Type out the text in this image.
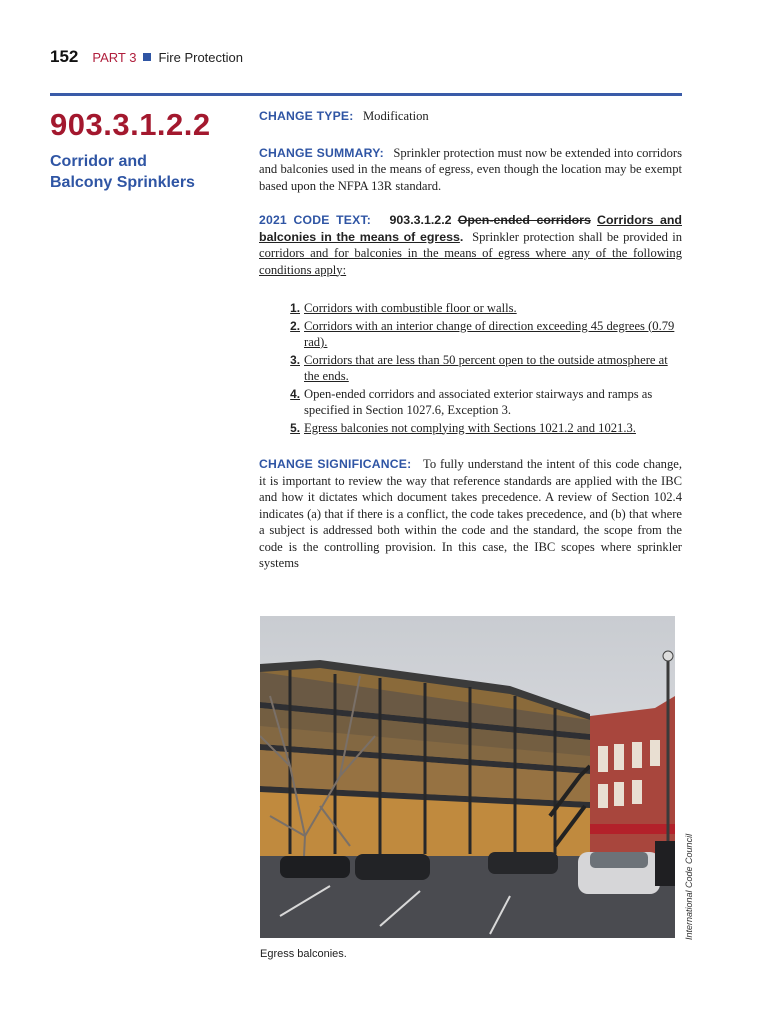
152 PART 3 Fire Protection
903.3.1.2.2
Corridor and
Balcony Sprinklers

CHANGE TYPE: Modification

CHANGE SUMMARY: Sprinkler protection must now be extended into corridors and balconies used in the means of egress, even though the location may be exempt based upon the NFPA 13R standard.

2021 CODE TEXT: 903.3.1.2.2 Open-ended corridors Corridors and balconies in the means of egress. Sprinkler protection shall be provided in corridors and for balconies in the means of egress where any of the following conditions apply:

1. Corridors with combustible floor or walls.
2. Corridors with an interior change of direction exceeding 45 degrees (0.79 rad).
3. Corridors that are less than 50 percent open to the outside atmosphere at the ends.
4. Open-ended corridors and associated exterior stairways and ramps as specified in Section 1027.6, Exception 3.
5. Egress balconies not complying with Sections 1021.2 and 1021.3.

CHANGE SIGNIFICANCE: To fully understand the intent of this code change, it is important to review the way that reference standards are applied with the IBC and how it dictates which document takes precedence. A review of Section 102.4 indicates (a) that if there is a conflict, the code takes precedence, and (b) that where a subject is addressed both within the code and the standard, the scope from the code is the controlling provision. In this case, the IBC scopes where sprinkler systems

International Code Council
Egress balconies.
